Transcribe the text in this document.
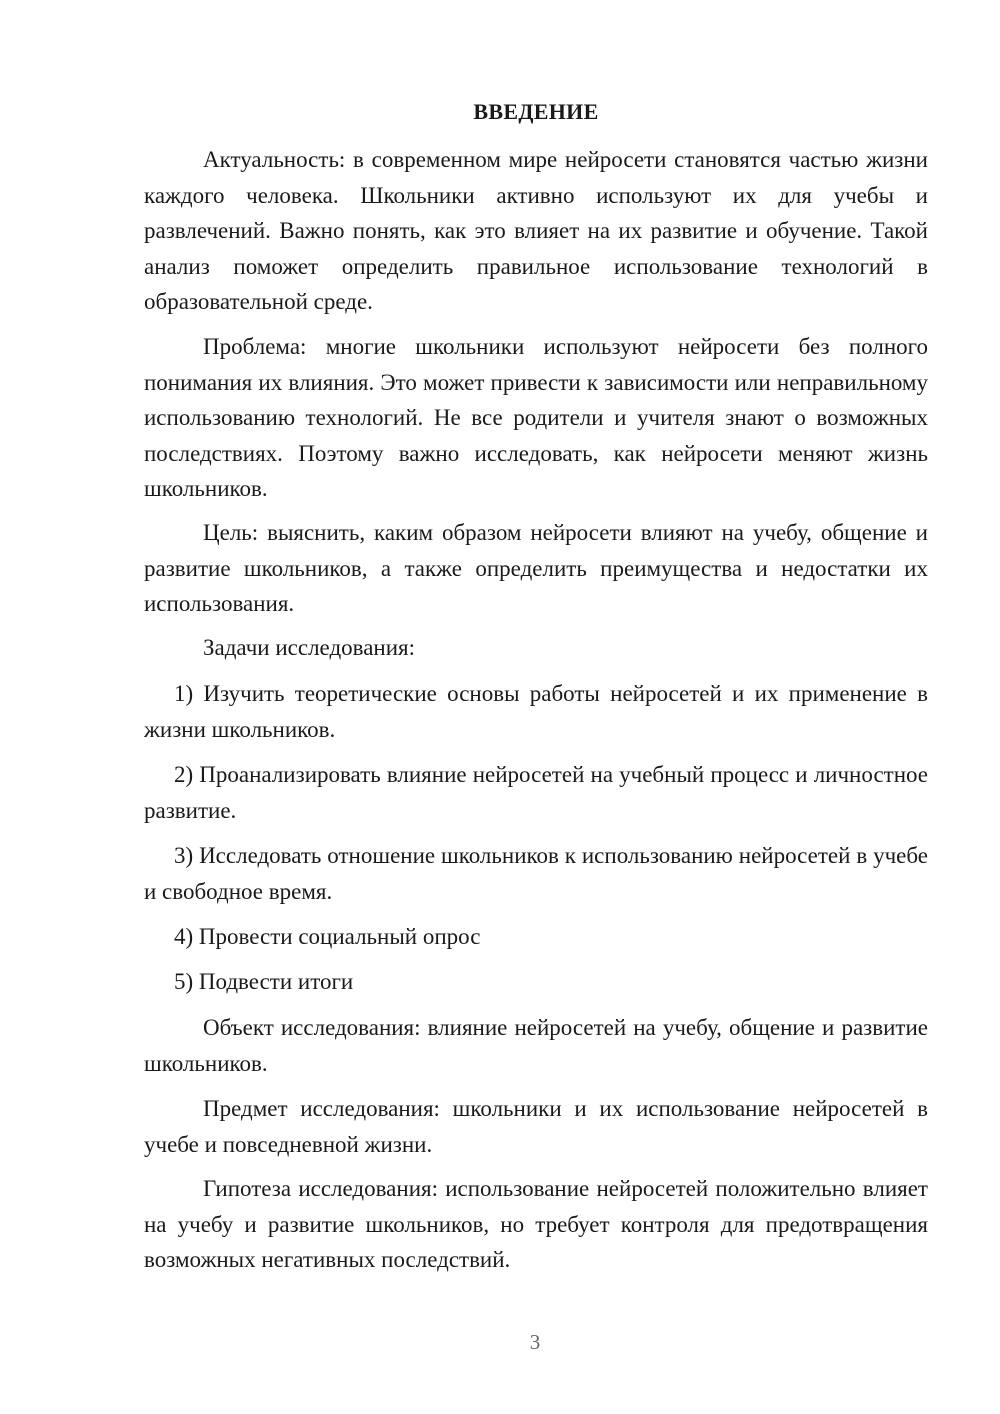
ВВЕДЕНИЕ

Актуальность: в современном мире нейросети становятся частью жизни каждого человека. Школьники активно используют их для учебы и развлечений. Важно понять, как это влияет на их развитие и обучение. Такой анализ поможет определить правильное использование технологий в образовательной среде.

Проблема: многие школьники используют нейросети без полного понимания их влияния. Это может привести к зависимости или неправильному использованию технологий. Не все родители и учителя знают о возможных последствиях. Поэтому важно исследовать, как нейросети меняют жизнь школьников.

Цель: выяснить, каким образом нейросети влияют на учебу, общение и развитие школьников, а также определить преимущества и недостатки их использования.

Задачи исследования:

1) Изучить теоретические основы работы нейросетей и их применение в жизни школьников.

2) Проанализировать влияние нейросетей на учебный процесс и личностное развитие.

3) Исследовать отношение школьников к использованию нейросетей в учебе и свободное время.

4) Провести социальный опрос

5) Подвести итоги

Объект исследования: влияние нейросетей на учебу, общение и развитие школьников.

Предмет исследования: школьники и их использование нейросетей в учебе и повседневной жизни.

Гипотеза исследования: использование нейросетей положительно влияет на учебу и развитие школьников, но требует контроля для предотвращения возможных негативных последствий.

3
